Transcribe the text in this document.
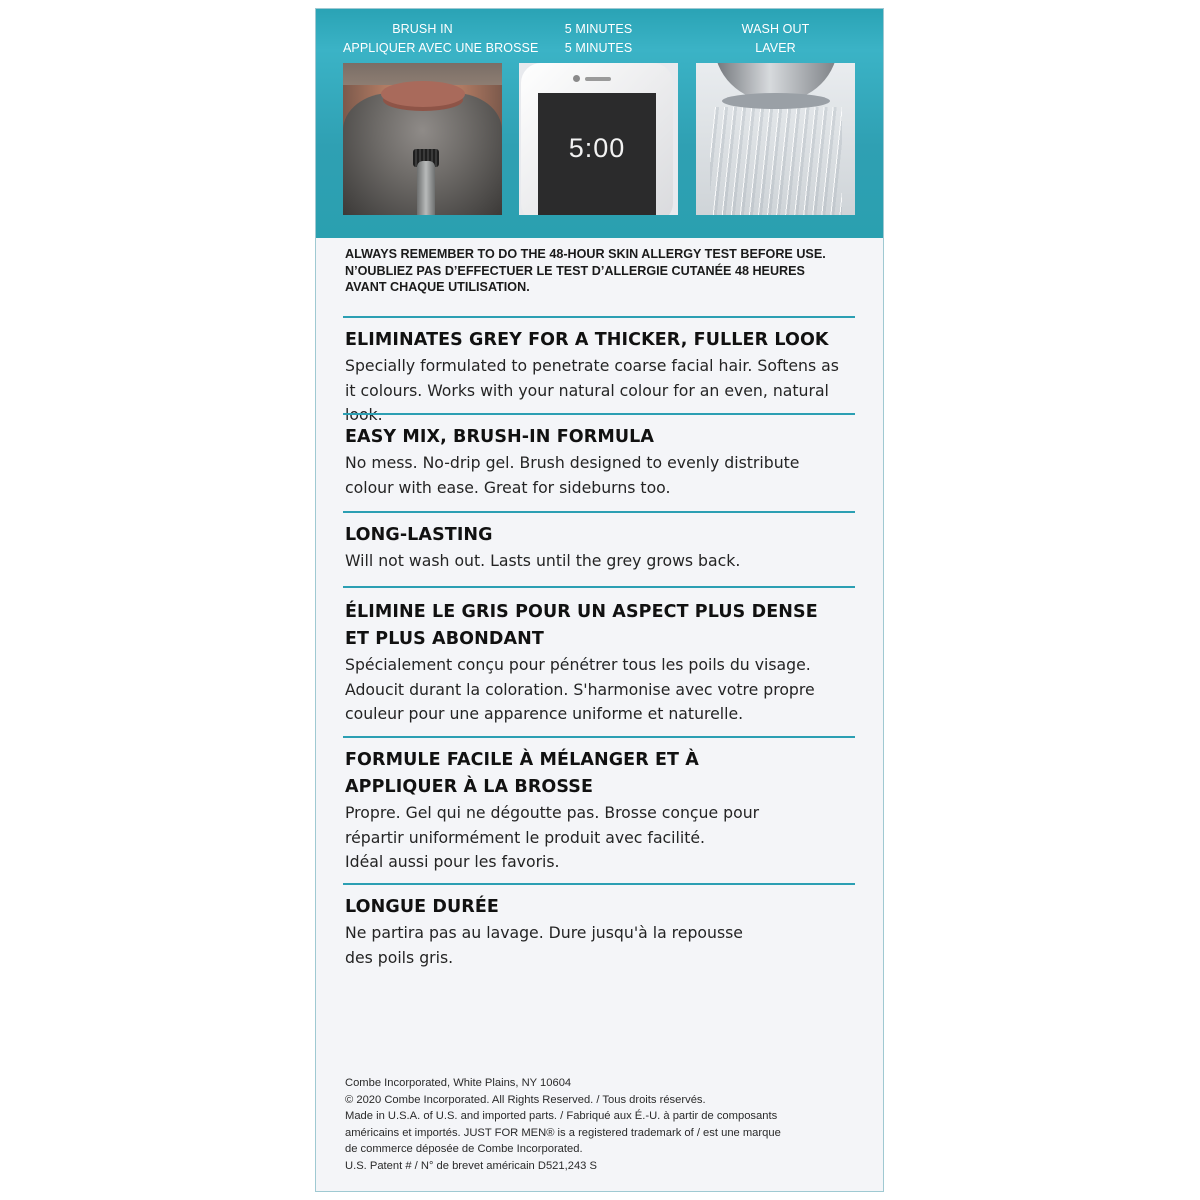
BRUSH IN
APPLIQUER AVEC UNE BROSSE
5 MINUTES
5 MINUTES
5:00
WASH OUT
LAVER
ALWAYS REMEMBER TO DO THE 48-HOUR SKIN ALLERGY TEST BEFORE USE.
N’OUBLIEZ PAS D’EFFECTUER LE TEST D’ALLERGIE CUTANÉE 48 HEURES
AVANT CHAQUE UTILISATION.
ELIMINATES GREY FOR A THICKER, FULLER LOOK
Specially formulated to penetrate coarse facial hair. Softens as
it colours. Works with your natural colour for an even, natural
EASY MIX, BRUSH-IN FORMULA
No mess. No-drip gel. Brush designed to evenly distribute
colour with ease. Great for sideburns too.
LONG-LASTING
Will not wash out. Lasts until the grey grows back.
ÉLIMINE LE GRIS POUR UN ASPECT PLUS DENSE
ET PLUS ABONDANT
Spécialement conçu pour pénétrer tous les poils du visage.
Adoucit durant la coloration. S'harmonise avec votre propre
couleur pour une apparence uniforme et naturelle.
FORMULE FACILE À MÉLANGER ET À
APPLIQUER À LA BROSSE
Propre. Gel qui ne dégoutte pas. Brosse conçue pour
répartir uniformément le produit avec facilité.
Idéal aussi pour les favoris.
LONGUE DURÉE
Ne partira pas au lavage. Dure jusqu'à la repousse
des poils gris.
Combe Incorporated, White Plains, NY 10604
© 2020 Combe Incorporated. All Rights Reserved. / Tous droits réservés.
Made in U.S.A. of U.S. and imported parts. / Fabriqué aux É.-U. à partir de composants
américains et importés. JUST FOR MEN® is a registered trademark of / est une marque
de commerce déposée de Combe Incorporated.
U.S. Patent # / N° de brevet américain D521,243 S
